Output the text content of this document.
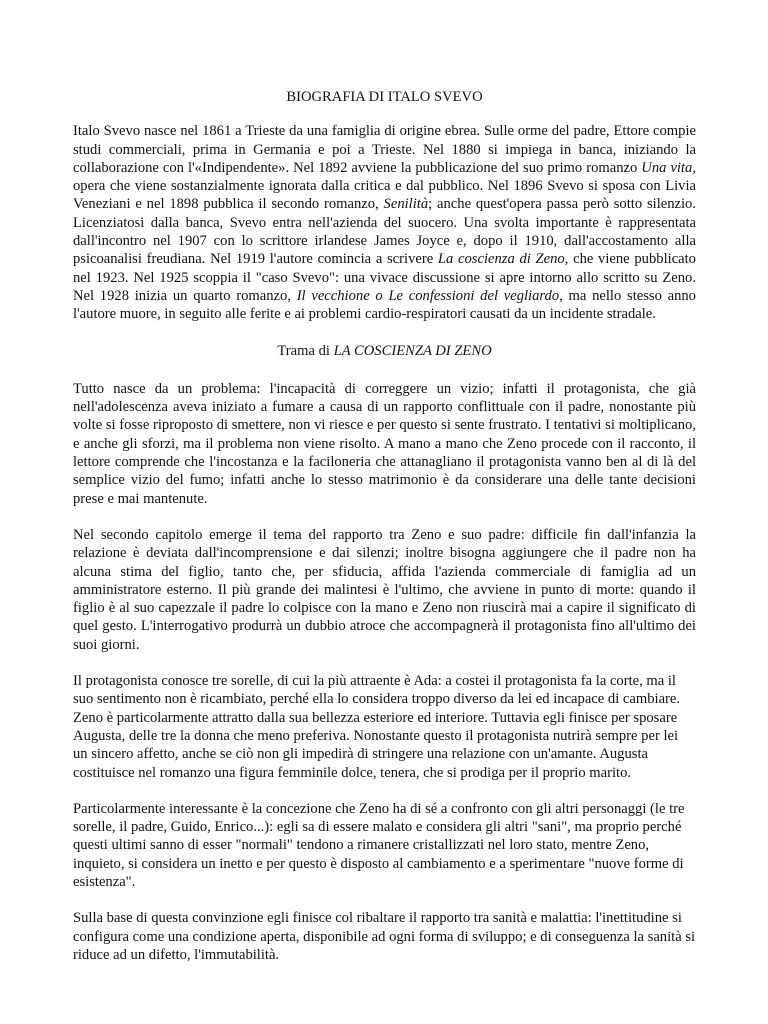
BIOGRAFIA DI ITALO SVEVO

Italo Svevo nasce nel 1861 a Trieste da una famiglia di origine ebrea. Sulle orme del padre, Ettore compie studi commerciali, prima in Germania e poi a Trieste. Nel 1880 si impiega in banca, iniziando la collaborazione con l'«Indipendente». Nel 1892 avviene la pubblicazione del suo primo romanzo Una vita, opera che viene sostanzialmente ignorata dalla critica e dal pubblico. Nel 1896 Svevo si sposa con Livia Veneziani e nel 1898 pubblica il secondo romanzo, Senilità; anche quest'opera passa però sotto silenzio. Licenziatosi dalla banca, Svevo entra nell'azienda del suocero. Una svolta importante è rappresentata dall'incontro nel 1907 con lo scrittore irlandese James Joyce e, dopo il 1910, dall'accostamento alla psicoanalisi freudiana. Nel 1919 l'autore comincia a scrivere La coscienza di Zeno, che viene pubblicato nel 1923. Nel 1925 scoppia il "caso Svevo": una vivace discussione si apre intorno allo scritto su Zeno. Nel 1928 inizia un quarto romanzo, Il vecchione o Le confessioni del vegliardo, ma nello stesso anno l'autore muore, in seguito alle ferite e ai problemi cardio-respiratori causati da un incidente stradale.

Trama di LA COSCIENZA DI ZENO

Tutto nasce da un problema: l'incapacità di correggere un vizio; infatti il protagonista, che già nell'adolescenza aveva iniziato a fumare a causa di un rapporto conflittuale con il padre, nonostante più volte si fosse riproposto di smettere, non vi riesce e per questo si sente frustrato. I tentativi si moltiplicano, e anche gli sforzi, ma il problema non viene risolto. A mano a mano che Zeno procede con il racconto, il lettore comprende che l'incostanza e la faciloneria che attanagliano il protagonista vanno ben al di là del semplice vizio del fumo; infatti anche lo stesso matrimonio è da considerare una delle tante decisioni prese e mai mantenute.

Nel secondo capitolo emerge il tema del rapporto tra Zeno e suo padre: difficile fin dall'infanzia la relazione è deviata dall'incomprensione e dai silenzi; inoltre bisogna aggiungere che il padre non ha alcuna stima del figlio, tanto che, per sfiducia, affida l'azienda commerciale di famiglia ad un amministratore esterno. Il più grande dei malintesi è l'ultimo, che avviene in punto di morte: quando il figlio è al suo capezzale il padre lo colpisce con la mano e Zeno non riuscirà mai a capire il significato di quel gesto. L'interrogativo produrrà un dubbio atroce che accompagnerà il protagonista fino all'ultimo dei suoi giorni.

Il protagonista conosce tre sorelle, di cui la più attraente è Ada: a costei il protagonista fa la corte, ma il suo sentimento non è ricambiato, perché ella lo considera troppo diverso da lei ed incapace di cambiare.

Zeno è particolarmente attratto dalla sua bellezza esteriore ed interiore. Tuttavia egli finisce per sposare Augusta, delle tre la donna che meno preferiva. Nonostante questo il protagonista nutrirà sempre per lei un sincero affetto, anche se ciò non gli impedirà di stringere una relazione con un'amante. Augusta costituisce nel romanzo una figura femminile dolce, tenera, che si prodiga per il proprio marito.

Particolarmente interessante è la concezione che Zeno ha di sé a confronto con gli altri personaggi (le tre sorelle, il padre, Guido, Enrico...): egli sa di essere malato e considera gli altri "sani", ma proprio perché questi ultimi sanno di esser "normali" tendono a rimanere cristallizzati nel loro stato, mentre Zeno, inquieto, si considera un inetto e per questo è disposto al cambiamento e a sperimentare "nuove forme di esistenza".

Sulla base di questa convinzione egli finisce col ribaltare il rapporto tra sanità e malattia: l'inettitudine si configura come una condizione aperta, disponibile ad ogni forma di sviluppo; e di conseguenza la sanità si riduce ad un difetto, l'immutabilità.
